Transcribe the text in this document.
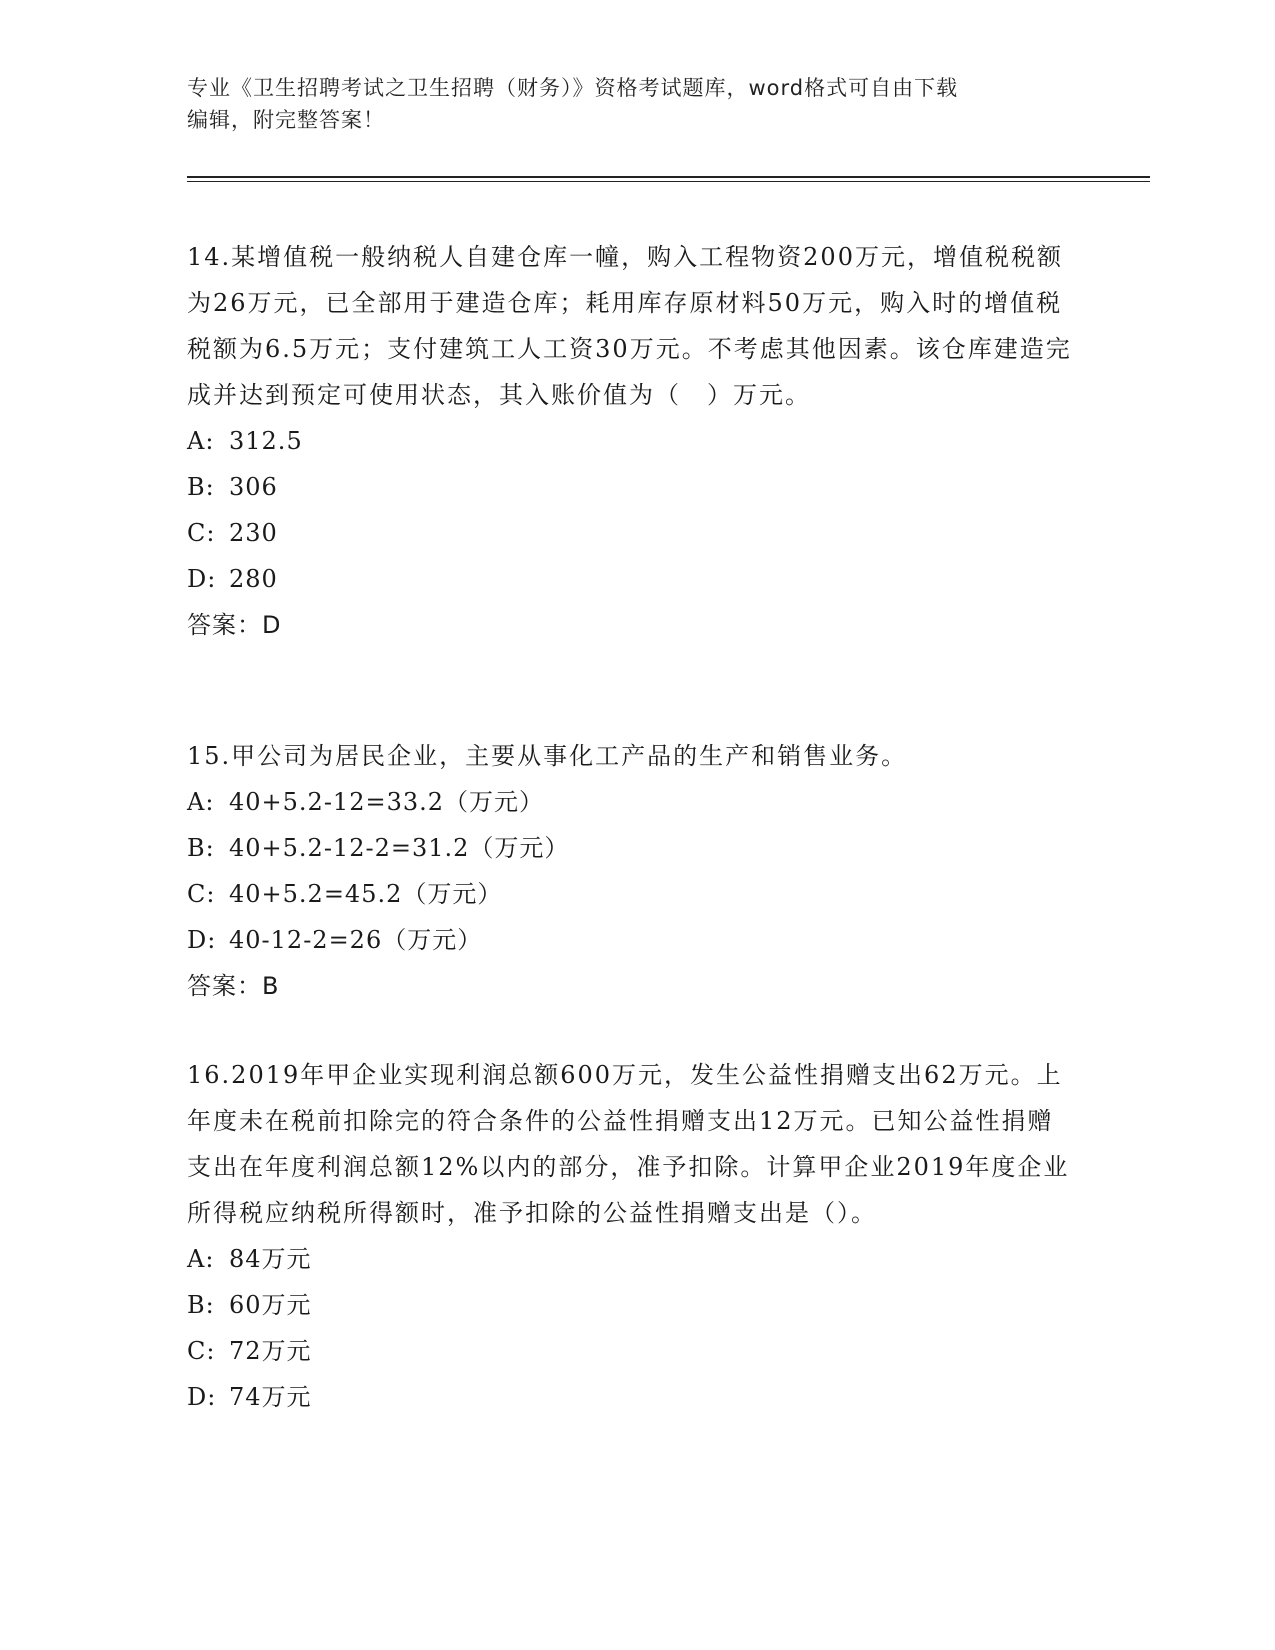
专业《卫生招聘考试之卫生招聘（财务）》资格考试题库，word格式可自由下载
编辑，附完整答案！

14.某增值税一般纳税人自建仓库一幢，购入工程物资200万元，增值税税额为26万元，已全部用于建造仓库；耗用库存原材料50万元，购入时的增值税税额为6.5万元；支付建筑工人工资30万元。不考虑其他因素。该仓库建造完成并达到预定可使用状态，其入账价值为（　）万元。

A: 312.5

B: 306

C: 230

D: 280

答案：D

15.甲公司为居民企业，主要从事化工产品的生产和销售业务。

A: 40+5.2-12=33.2（万元）

B: 40+5.2-12-2=31.2（万元）

C: 40+5.2=45.2（万元）

D: 40-12-2=26（万元）

答案：B

16.2019年甲企业实现利润总额600万元，发生公益性捐赠支出62万元。上年度未在税前扣除完的符合条件的公益性捐赠支出12万元。已知公益性捐赠支出在年度利润总额12%以内的部分，准予扣除。计算甲企业2019年度企业所得税应纳税所得额时，准予扣除的公益性捐赠支出是（）。

A: 84万元

B: 60万元

C: 72万元

D: 74万元
